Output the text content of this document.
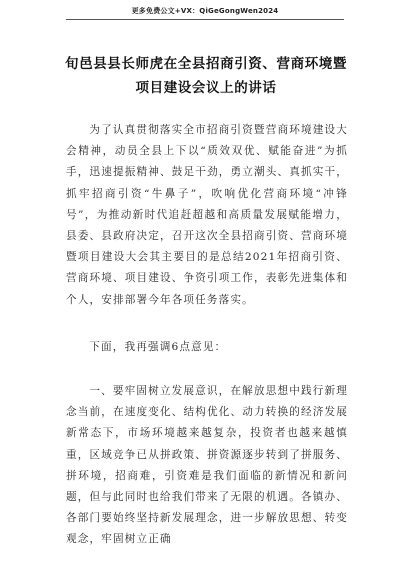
更多免费公文+VX：QiGeGongWen2024
旬邑县县长师虎在全县招商引资、营商环境暨项目建设会议上的讲话
为了认真贯彻落实全市招商引资暨营商环境建设大会精神，动员全县上下以“质效双优、赋能奋进”为抓手，迅速提振精神、鼓足干劲，勇立潮头、真抓实干，抓牢招商引资“牛鼻子”，吹响优化营商环境“冲锋号”，为推动新时代追赶超越和高质量发展赋能增力，县委、县政府决定，召开这次全县招商引资、营商环境暨项目建设大会其主要目的是总结2021年招商引资、营商环境、项目建设、争资引项工作，表彰先进集体和个人，安排部署今年各项任务落实。
下面，我再强调6点意见：
一、要牢固树立发展意识，在解放思想中践行新理念当前，在速度变化、结构优化、动力转换的经济发展新常态下，市场环境越来越复杂，投资者也越来越慎重，区域竞争已从拼政策、拼资源逐步转到了拼服务、拼环境，招商难，引资难是我们面临的新情况和新问题，但与此同时也给我们带来了无限的机遇。各镇办、各部门要始终坚持新发展理念，进一步解放思想、转变观念，牢固树立正确
